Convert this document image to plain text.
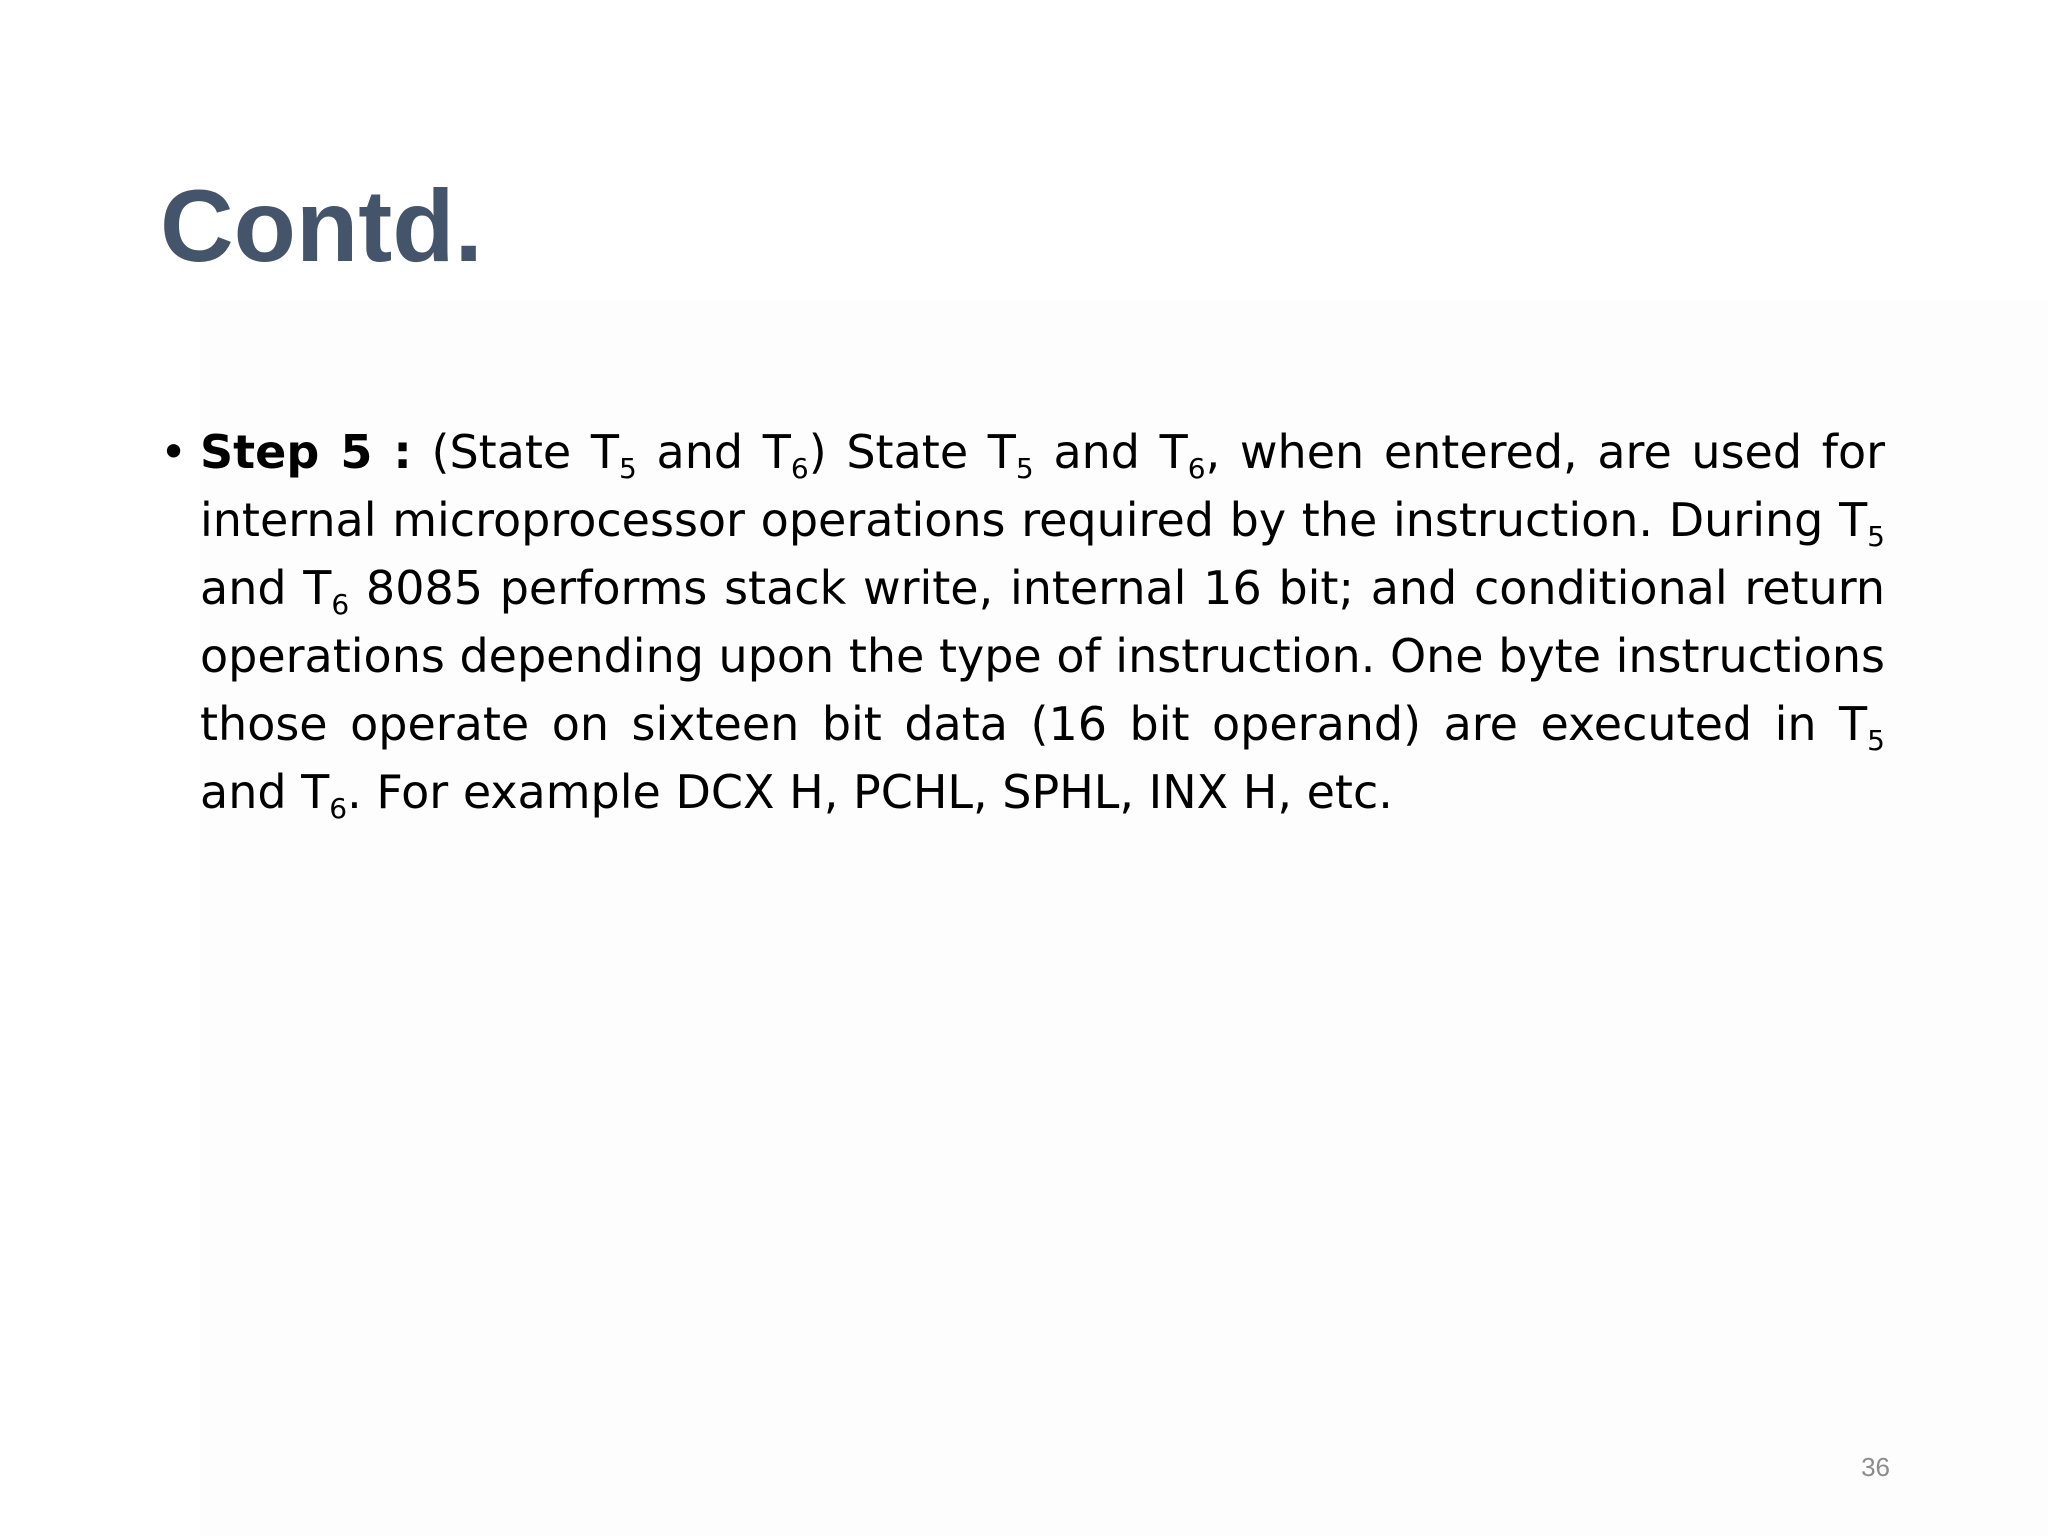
Contd.
• Step 5 : (State $T_5$ and $T_6$) State $T_5$ and $T_6$, when entered, are used for internal microprocessor operations required by the instruction. During $T_5$ and $T_6$ 8085 performs stack write, internal 16 bit; and conditional return operations depending upon the type of instruction. One byte instructions those operate on sixteen bit data (16 bit operand) are executed in $T_5$ and $T_6$. For example DCX H, PCHL, SPHL, INX H, etc.
36
